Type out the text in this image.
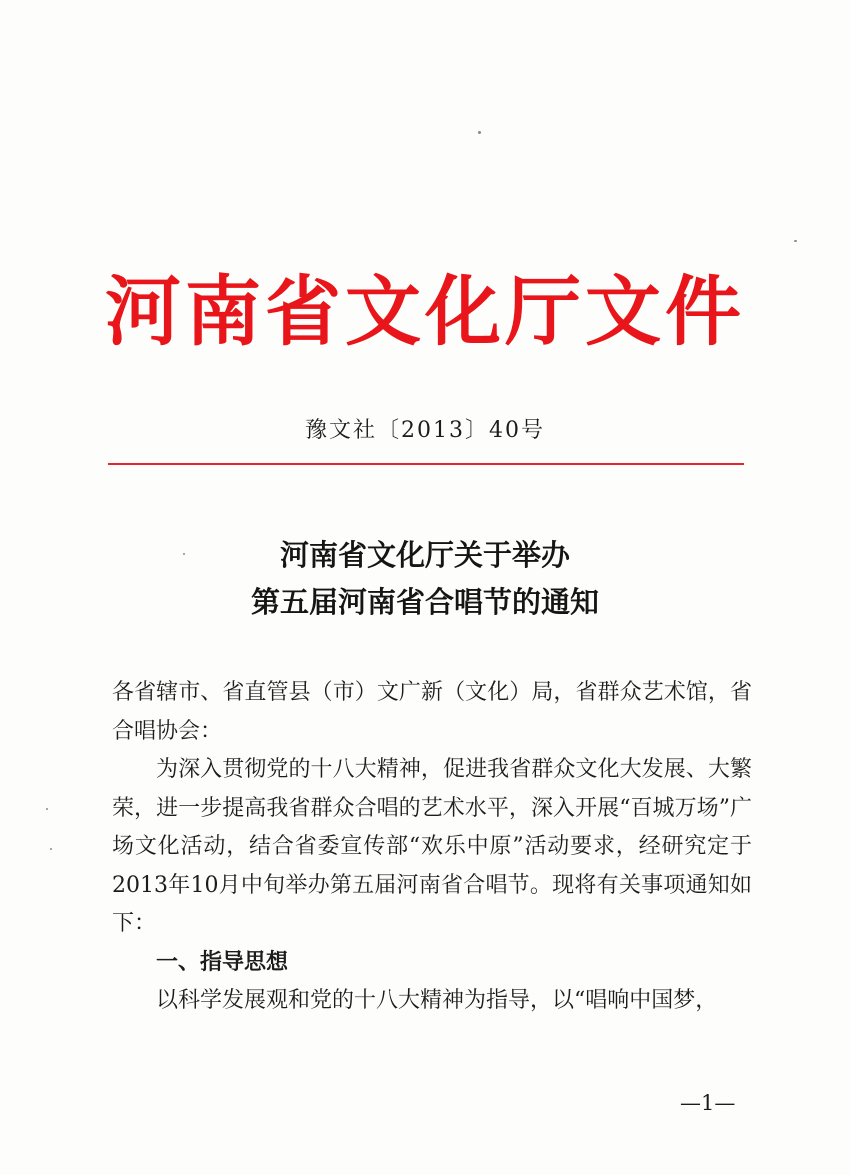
河南省文化厅文件
豫文社〔2013〕40号
河南省文化厅关于举办
第五届河南省合唱节的通知

各省辖市、省直管县（市）文广新（文化）局，省群众艺术馆，省合唱协会：

为深入贯彻党的十八大精神，促进我省群众文化大发展、大繁荣，进一步提高我省群众合唱的艺术水平，深入开展“百城万场”广场文化活动，结合省委宣传部“欢乐中原”活动要求，经研究定于2013年10月中旬举办第五届河南省合唱节。现将有关事项通知如下：

一、指导思想

以科学发展观和党的十八大精神为指导，以“唱响中国梦，

—1—
